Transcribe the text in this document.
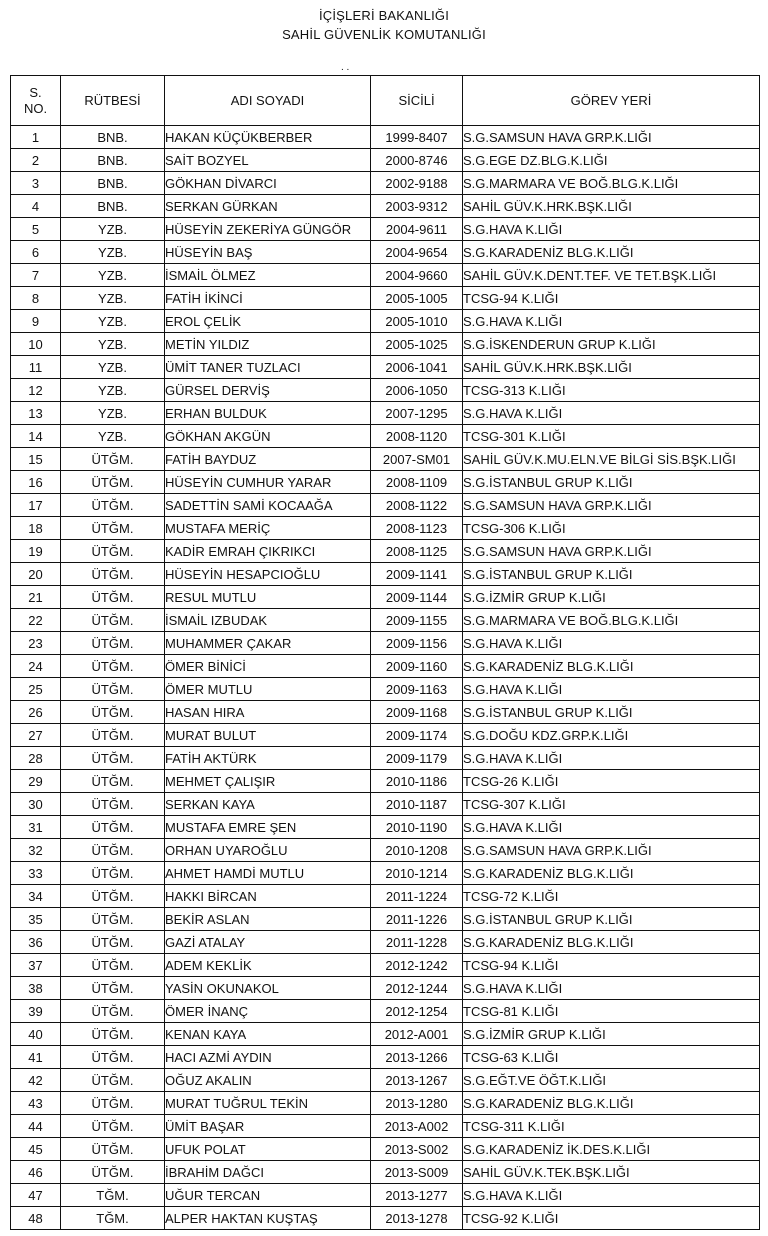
İÇİŞLERİ BAKANLIĞI
SAHİL GÜVENLİK KOMUTANLIĞI
. .
S.
NO.	RÜTBESİ	ADI SOYADI	SİCİLİ	GÖREV YERİ
1	BNB.	HAKAN KÜÇÜKBERBER	1999-8407	S.G.SAMSUN HAVA GRP.K.LIĞI
2	BNB.	SAİT BOZYEL	2000-8746	S.G.EGE DZ.BLG.K.LIĞI
3	BNB.	GÖKHAN DİVARCI	2002-9188	S.G.MARMARA VE BOĞ.BLG.K.LIĞI
4	BNB.	SERKAN GÜRKAN	2003-9312	SAHİL GÜV.K.HRK.BŞK.LIĞI
5	YZB.	HÜSEYİN ZEKERİYA GÜNGÖR	2004-9611	S.G.HAVA K.LIĞI
6	YZB.	HÜSEYİN BAŞ	2004-9654	S.G.KARADENİZ BLG.K.LIĞI
7	YZB.	İSMAİL ÖLMEZ	2004-9660	SAHİL GÜV.K.DENT.TEF. VE TET.BŞK.LIĞI
8	YZB.	FATİH İKİNCİ	2005-1005	TCSG-94 K.LIĞI
9	YZB.	EROL ÇELİK	2005-1010	S.G.HAVA K.LIĞI
10	YZB.	METİN YILDIZ	2005-1025	S.G.İSKENDERUN GRUP K.LIĞI
11	YZB.	ÜMİT TANER TUZLACI	2006-1041	SAHİL GÜV.K.HRK.BŞK.LIĞI
12	YZB.	GÜRSEL DERVİŞ	2006-1050	TCSG-313 K.LIĞI
13	YZB.	ERHAN BULDUK	2007-1295	S.G.HAVA K.LIĞI
14	YZB.	GÖKHAN AKGÜN	2008-1120	TCSG-301 K.LIĞI
15	ÜTĞM.	FATİH BAYDUZ	2007-SM01	SAHİL GÜV.K.MU.ELN.VE BİLGİ SİS.BŞK.LIĞI
16	ÜTĞM.	HÜSEYİN CUMHUR YARAR	2008-1109	S.G.İSTANBUL GRUP K.LIĞI
17	ÜTĞM.	SADETTİN SAMİ KOCAAĞA	2008-1122	S.G.SAMSUN HAVA GRP.K.LIĞI
18	ÜTĞM.	MUSTAFA MERİÇ	2008-1123	TCSG-306 K.LIĞI
19	ÜTĞM.	KADİR EMRAH ÇIKRIKCI	2008-1125	S.G.SAMSUN HAVA GRP.K.LIĞI
20	ÜTĞM.	HÜSEYİN HESAPCIOĞLU	2009-1141	S.G.İSTANBUL GRUP K.LIĞI
21	ÜTĞM.	RESUL MUTLU	2009-1144	S.G.İZMİR GRUP K.LIĞI
22	ÜTĞM.	İSMAİL IZBUDAK	2009-1155	S.G.MARMARA VE BOĞ.BLG.K.LIĞI
23	ÜTĞM.	MUHAMMER ÇAKAR	2009-1156	S.G.HAVA K.LIĞI
24	ÜTĞM.	ÖMER BİNİCİ	2009-1160	S.G.KARADENİZ BLG.K.LIĞI
25	ÜTĞM.	ÖMER MUTLU	2009-1163	S.G.HAVA K.LIĞI
26	ÜTĞM.	HASAN HIRA	2009-1168	S.G.İSTANBUL GRUP K.LIĞI
27	ÜTĞM.	MURAT BULUT	2009-1174	S.G.DOĞU KDZ.GRP.K.LIĞI
28	ÜTĞM.	FATİH AKTÜRK	2009-1179	S.G.HAVA K.LIĞI
29	ÜTĞM.	MEHMET ÇALIŞIR	2010-1186	TCSG-26 K.LIĞI
30	ÜTĞM.	SERKAN KAYA	2010-1187	TCSG-307 K.LIĞI
31	ÜTĞM.	MUSTAFA EMRE ŞEN	2010-1190	S.G.HAVA K.LIĞI
32	ÜTĞM.	ORHAN UYAROĞLU	2010-1208	S.G.SAMSUN HAVA GRP.K.LIĞI
33	ÜTĞM.	AHMET HAMDİ MUTLU	2010-1214	S.G.KARADENİZ BLG.K.LIĞI
34	ÜTĞM.	HAKKI BİRCAN	2011-1224	TCSG-72 K.LIĞI
35	ÜTĞM.	BEKİR ASLAN	2011-1226	S.G.İSTANBUL GRUP K.LIĞI
36	ÜTĞM.	GAZİ ATALAY	2011-1228	S.G.KARADENİZ BLG.K.LIĞI
37	ÜTĞM.	ADEM KEKLİK	2012-1242	TCSG-94 K.LIĞI
38	ÜTĞM.	YASİN OKUNAKOL	2012-1244	S.G.HAVA K.LIĞI
39	ÜTĞM.	ÖMER İNANÇ	2012-1254	TCSG-81 K.LIĞI
40	ÜTĞM.	KENAN KAYA	2012-A001	S.G.İZMİR GRUP K.LIĞI
41	ÜTĞM.	HACI AZMİ AYDIN	2013-1266	TCSG-63 K.LIĞI
42	ÜTĞM.	OĞUZ AKALIN	2013-1267	S.G.EĞT.VE ÖĞT.K.LIĞI
43	ÜTĞM.	MURAT TUĞRUL TEKİN	2013-1280	S.G.KARADENİZ BLG.K.LIĞI
44	ÜTĞM.	ÜMİT BAŞAR	2013-A002	TCSG-311 K.LIĞI
45	ÜTĞM.	UFUK POLAT	2013-S002	S.G.KARADENİZ İK.DES.K.LIĞI
46	ÜTĞM.	İBRAHİM DAĞCI	2013-S009	SAHİL GÜV.K.TEK.BŞK.LIĞI
47	TĞM.	UĞUR TERCAN	2013-1277	S.G.HAVA K.LIĞI
48	TĞM.	ALPER HAKTAN KUŞTAŞ	2013-1278	TCSG-92 K.LIĞI
